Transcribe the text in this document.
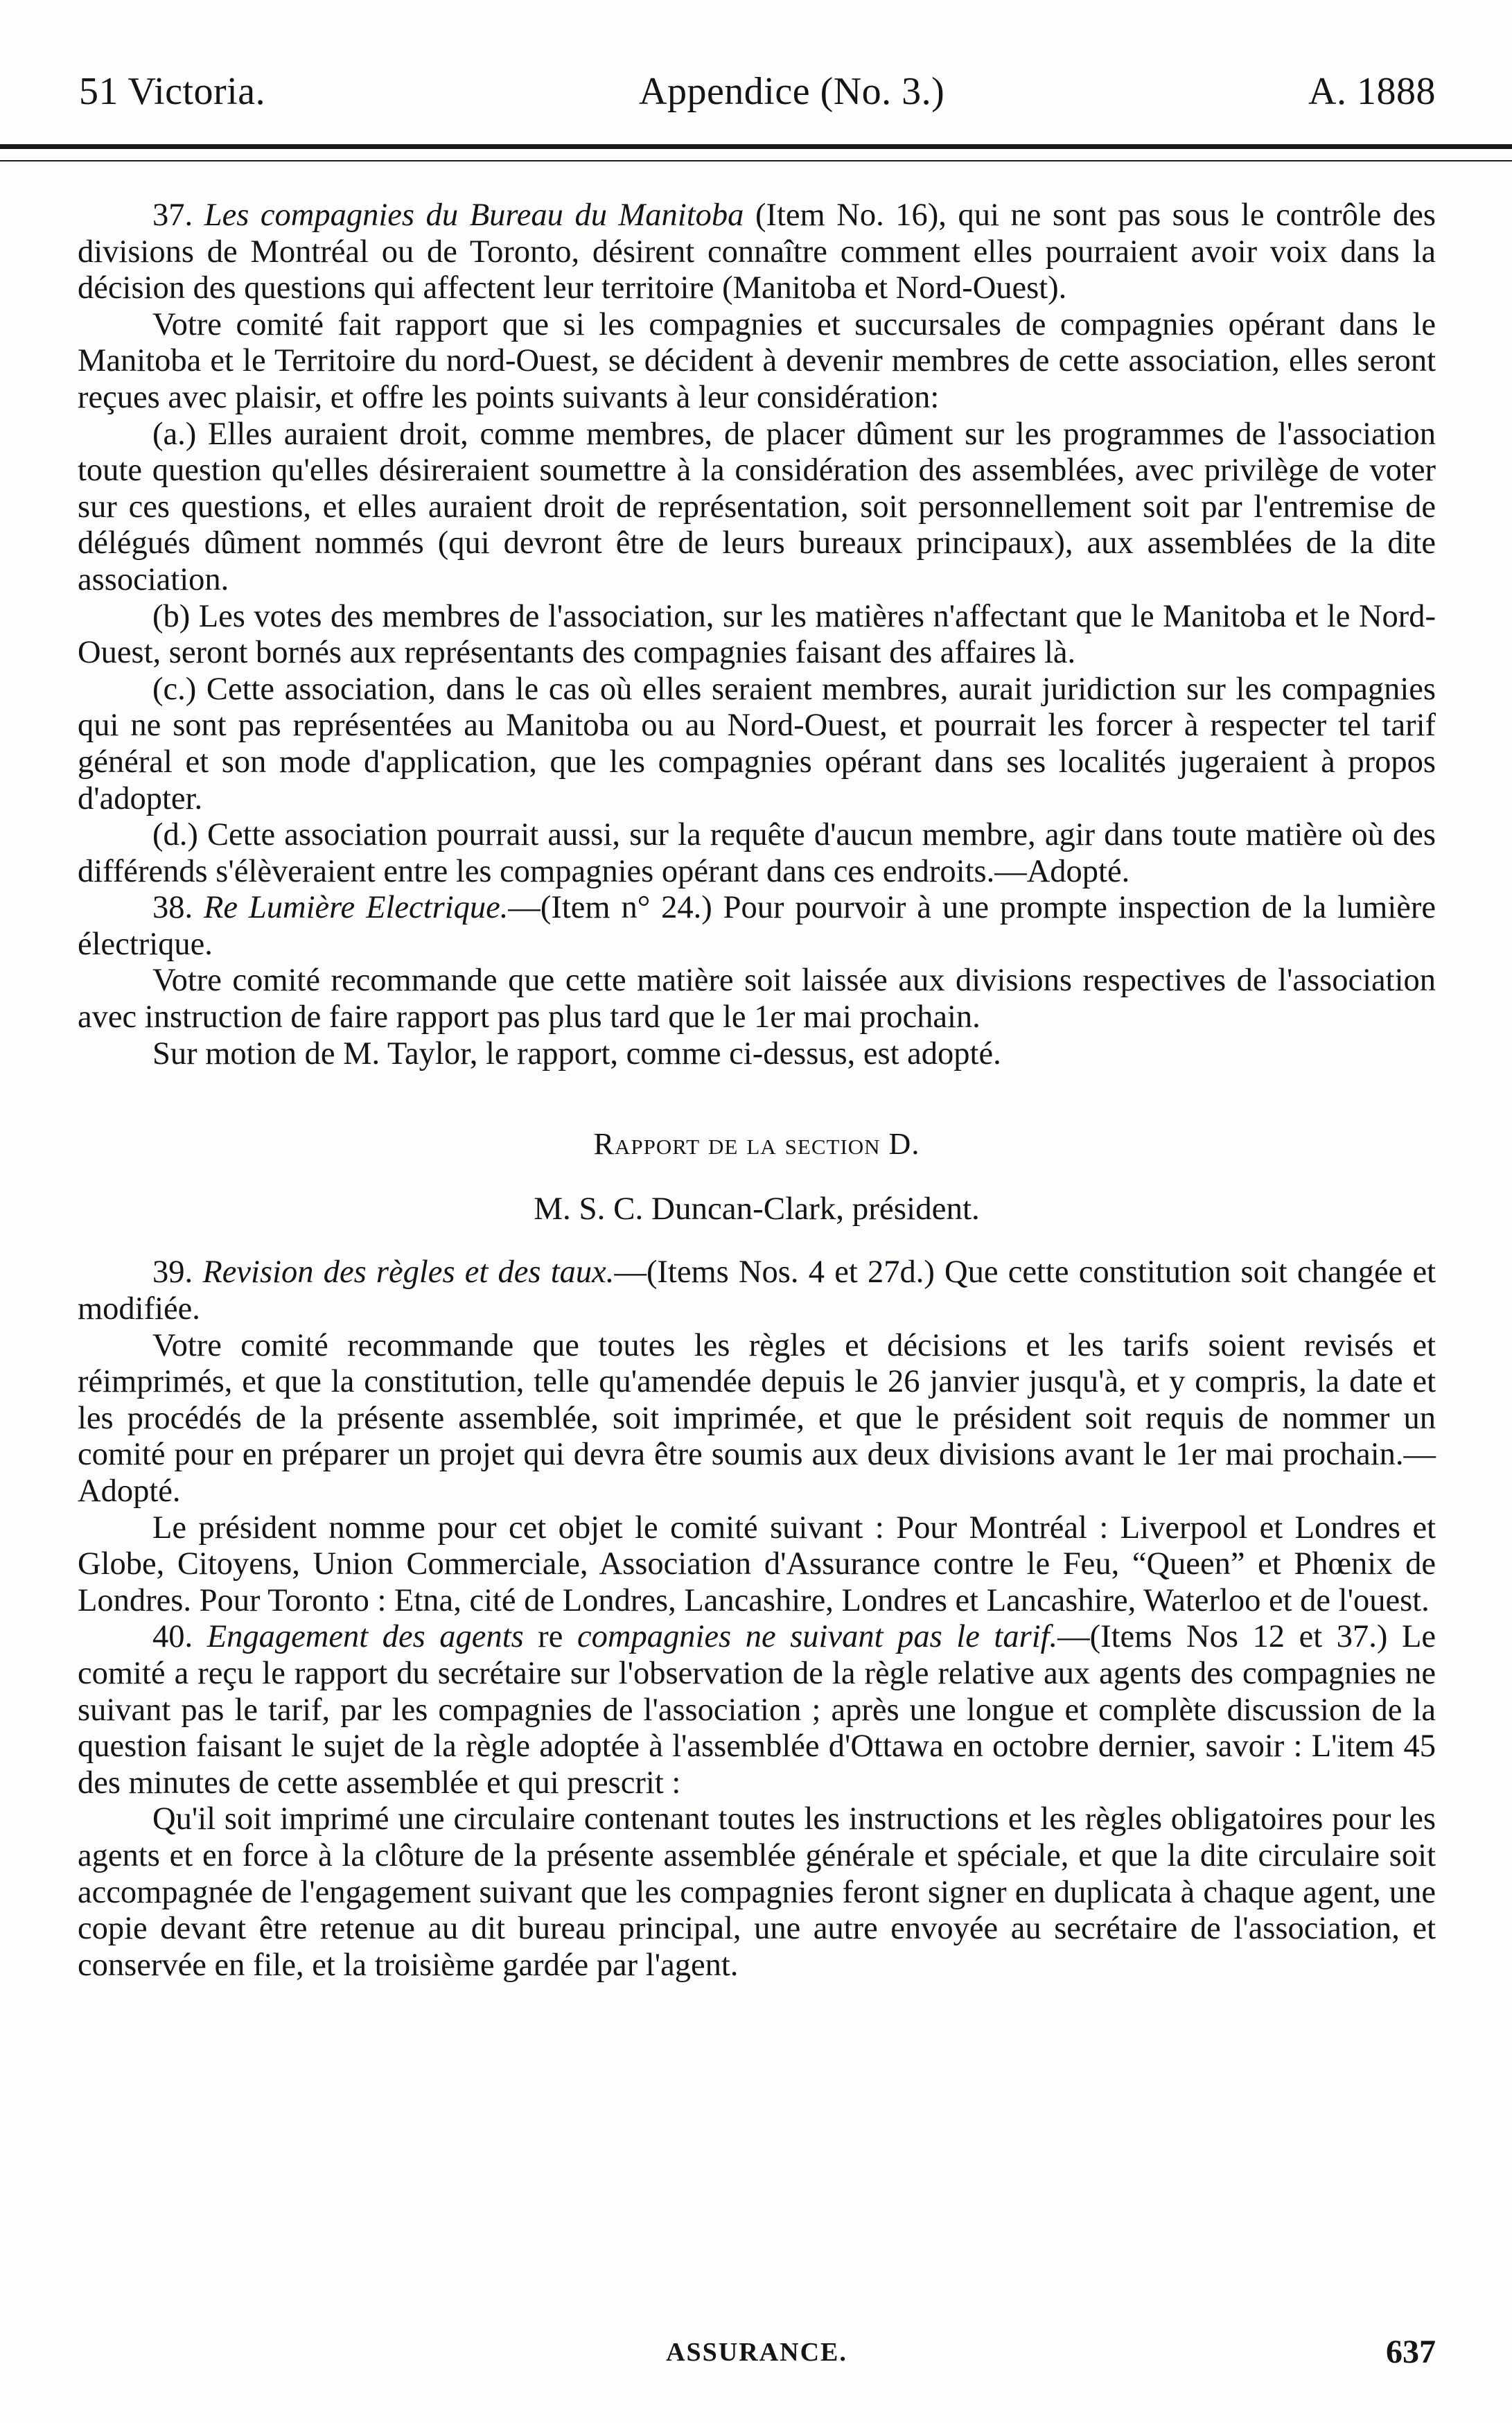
51 Victoria.	Appendice (No. 3.)	A. 1888

37. Les compagnies du Bureau du Manitoba (Item No. 16), qui ne sont pas sous le contrôle des divisions de Montréal ou de Toronto, désirent connaître comment elles pourraient avoir voix dans la décision des questions qui affectent leur territoire (Manitoba et Nord-Ouest).

Votre comité fait rapport que si les compagnies et succursales de compagnies opérant dans le Manitoba et le Territoire du nord-Ouest, se décident à devenir membres de cette association, elles seront reçues avec plaisir, et offre les points suivants à leur considération:

(a.) Elles auraient droit, comme membres, de placer dûment sur les programmes de l'association toute question qu'elles désireraient soumettre à la considération des assemblées, avec privilège de voter sur ces questions, et elles auraient droit de représentation, soit personnellement soit par l'entremise de délégués dûment nommés (qui devront être de leurs bureaux principaux), aux assemblées de la dite association.

(b) Les votes des membres de l'association, sur les matières n'affectant que le Manitoba et le Nord-Ouest, seront bornés aux représentants des compagnies faisant des affaires là.

(c.) Cette association, dans le cas où elles seraient membres, aurait juridiction sur les compagnies qui ne sont pas représentées au Manitoba ou au Nord-Ouest, et pourrait les forcer à respecter tel tarif général et son mode d'application, que les compagnies opérant dans ses localités jugeraient à propos d'adopter.

(d.) Cette association pourrait aussi, sur la requête d'aucun membre, agir dans toute matière où des différends s'élèveraient entre les compagnies opérant dans ces endroits.—Adopté.

38. Re Lumière Electrique.—(Item n° 24.) Pour pourvoir à une prompte inspection de la lumière électrique.

Votre comité recommande que cette matière soit laissée aux divisions respectives de l'association avec instruction de faire rapport pas plus tard que le 1er mai prochain.

Sur motion de M. Taylor, le rapport, comme ci-dessus, est adopté.

Rapport de la section D.

M. S. C. Duncan-Clark, président.

39. Revision des règles et des taux.—(Items Nos. 4 et 27d.) Que cette constitution soit changée et modifiée.

Votre comité recommande que toutes les règles et décisions et les tarifs soient revisés et réimprimés, et que la constitution, telle qu'amendée depuis le 26 janvier jusqu'à, et y compris, la date et les procédés de la présente assemblée, soit imprimée, et que le président soit requis de nommer un comité pour en préparer un projet qui devra être soumis aux deux divisions avant le 1er mai prochain.—Adopté.

Le président nomme pour cet objet le comité suivant : Pour Montréal : Liverpool et Londres et Globe, Citoyens, Union Commerciale, Association d'Assurance contre le Feu, “Queen” et Phœnix de Londres. Pour Toronto : Etna, cité de Londres, Lancashire, Londres et Lancashire, Waterloo et de l'ouest.

40. Engagement des agents re compagnies ne suivant pas le tarif.—(Items Nos 12 et 37.) Le comité a reçu le rapport du secrétaire sur l'observation de la règle relative aux agents des compagnies ne suivant pas le tarif, par les compagnies de l'association ; après une longue et complète discussion de la question faisant le sujet de la règle adoptée à l'assemblée d'Ottawa en octobre dernier, savoir : L'item 45 des minutes de cette assemblée et qui prescrit :

Qu'il soit imprimé une circulaire contenant toutes les instructions et les règles obligatoires pour les agents et en force à la clôture de la présente assemblée générale et spéciale, et que la dite circulaire soit accompagnée de l'engagement suivant que les compagnies feront signer en duplicata à chaque agent, une copie devant être retenue au dit bureau principal, une autre envoyée au secrétaire de l'association, et conservée en file, et la troisième gardée par l'agent.

ASSURANCE.	637
